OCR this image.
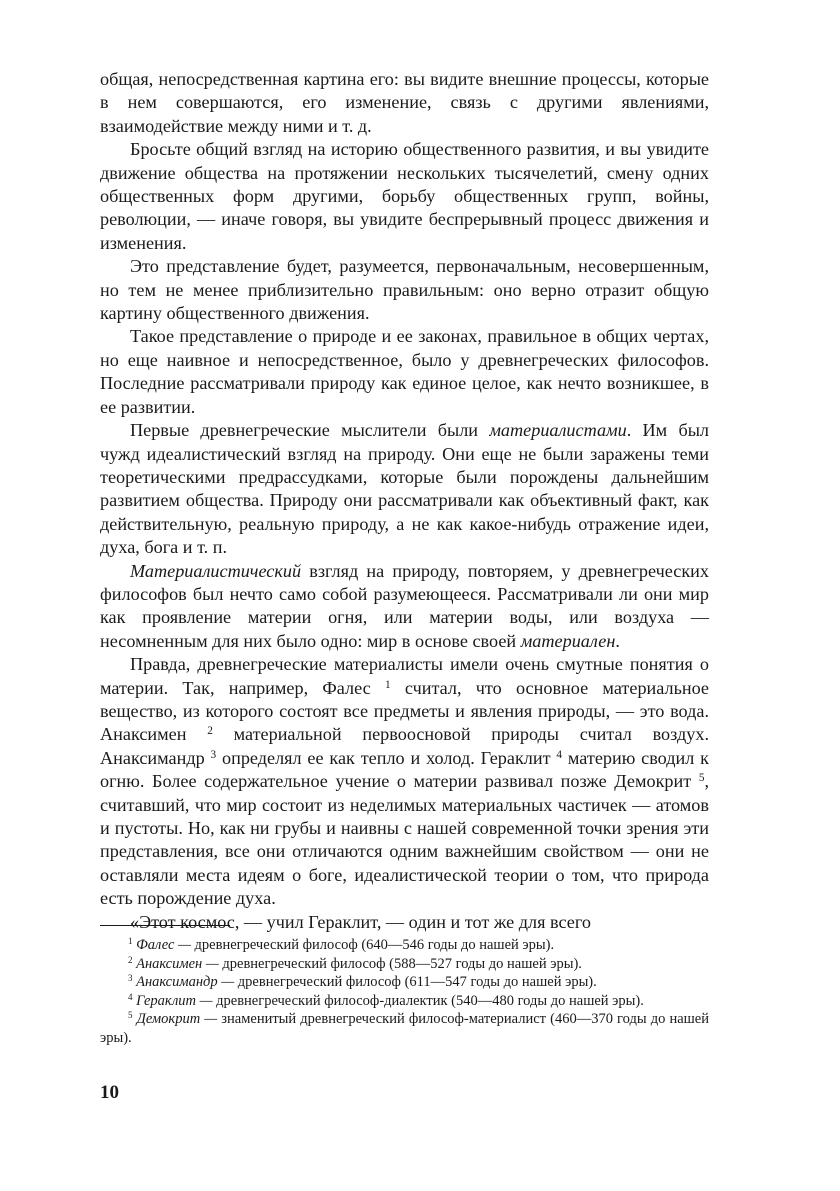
общая, непосредственная картина его: вы видите внешние процессы, которые в нем совершаются, его изменение, связь с другими явлениями, взаимодействие между ними и т. д.

Бросьте общий взгляд на историю общественного развития, и вы увидите движение общества на протяжении нескольких тысячелетий, смену одних общественных форм другими, борьбу общественных групп, войны, революции, — иначе говоря, вы увидите беспрерывный процесс движения и изменения.

Это представление будет, разумеется, первоначальным, несовершенным, но тем не менее приблизительно правильным: оно верно отразит общую картину общественного движения.

Такое представление о природе и ее законах, правильное в общих чертах, но еще наивное и непосредственное, было у древнегреческих философов. Последние рассматривали природу как единое целое, как нечто возникшее, в ее развитии.

Первые древнегреческие мыслители были материалистами. Им был чужд идеалистический взгляд на природу. Они еще не были заражены теми теоретическими предрассудками, которые были порождены дальнейшим развитием общества. Природу они рассматривали как объективный факт, как действительную, реальную природу, а не как какое-нибудь отражение идеи, духа, бога и т. п.

Материалистический взгляд на природу, повторяем, у древнегреческих философов был нечто само собой разумеющееся. Рассматривали ли они мир как проявление материи огня, или материи воды, или воздуха — несомненным для них было одно: мир в основе своей материален.

Правда, древнегреческие материалисты имели очень смутные понятия о материи. Так, например, Фалес $^1$ считал, что основное материальное вещество, из которого состоят все предметы и явления природы, — это вода. Анаксимен $^2$ материальной первоосновой природы считал воздух. Анаксимандр $^3$ определял ее как тепло и холод. Гераклит $^4$ материю сводил к огню. Более содержательное учение о материи развивал позже Демокрит $^5$, считавший, что мир состоит из неделимых материальных частичек — атомов и пустоты. Но, как ни грубы и наивны с нашей современной точки зрения эти представления, все они отличаются одним важнейшим свойством — они не оставляли места идеям о боге, идеалистической теории о том, что природа есть порождение духа.

«Этот космос, — учил Гераклит, — один и тот же для всего

$^1$ Фалес — древнегреческий философ (640—546 годы до нашей эры).

$^2$ Анаксимен — древнегреческий философ (588—527 годы до нашей эры).

$^3$ Анаксимандр — древнегреческий философ (611—547 годы до нашей эры).

$^4$ Гераклит — древнегреческий философ-диалектик (540—480 годы до нашей эры).

$^5$ Демокрит — знаменитый древнегреческий философ-материалист (460—370 годы до нашей эры).

10
